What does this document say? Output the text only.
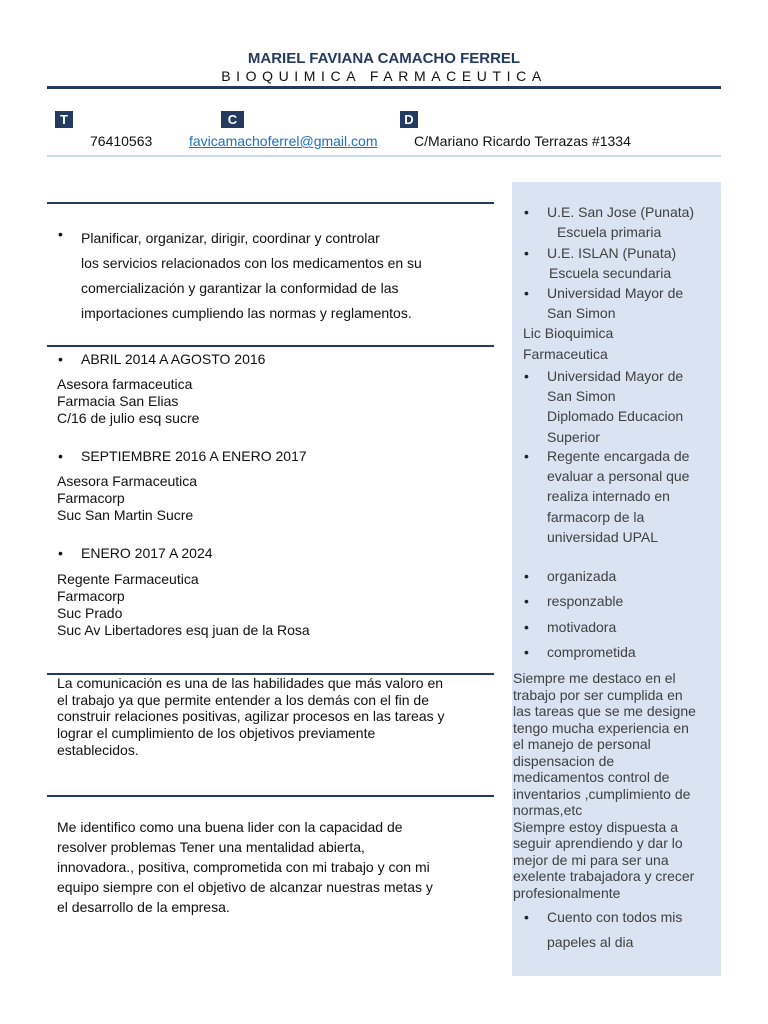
MARIEL FAVIANA CAMACHO FERREL
BIOQUIMICA FARMACEUTICA
T	C	D
76410563	favicamachoferrel@gmail.com	C/Mariano Ricardo Terrazas #1334
Planificar, organizar, dirigir, coordinar y controlar
los servicios relacionados con los medicamentos en su
comercialización y garantizar la conformidad de las
importaciones cumpliendo las normas y reglamentos.
• ABRIL 2014 A AGOSTO 2016
Asesora farmaceutica
Farmacia San Elias
C/16 de julio esq sucre
• SEPTIEMBRE 2016 A ENERO 2017
Asesora Farmaceutica
Farmacorp
Suc San Martin Sucre
• ENERO 2017 A 2024
Regente Farmaceutica
Farmacorp
Suc Prado
Suc Av Libertadores esq juan de la Rosa
La comunicación es una de las habilidades que más valoro en
el trabajo ya que permite entender a los demás con el fin de
construir relaciones positivas, agilizar procesos en las tareas y
lograr el cumplimiento de los objetivos previamente
establecidos.
Me identifico como una buena lider con la capacidad de
resolver problemas Tener una mentalidad abierta,
innovadora., positiva, comprometida con mi trabajo y con mi
equipo siempre con el objetivo de alcanzar nuestras metas y
el desarrollo de la empresa.
• U.E. San Jose (Punata)
Escuela primaria
• U.E. ISLAN (Punata)
Escuela secundaria
• Universidad Mayor de
San Simon
Lic Bioquimica
Farmaceutica
• Universidad Mayor de
San Simon
Diplomado Educacion
Superior
• Regente encargada de
evaluar a personal que
realiza internado en
farmacorp de la
universidad UPAL
• organizada
• responzable
• motivadora
• comprometida
Siempre me destaco en el
trabajo por ser cumplida en
las tareas que se me designe
tengo mucha experiencia en
el manejo de personal
dispensacion de
medicamentos control de
inventarios ,cumplimiento de
normas,etc
Siempre estoy dispuesta a
seguir aprendiendo y dar lo
mejor de mi para ser una
exelente trabajadora y crecer
profesionalmente
• Cuento con todos mis
papeles al dia
